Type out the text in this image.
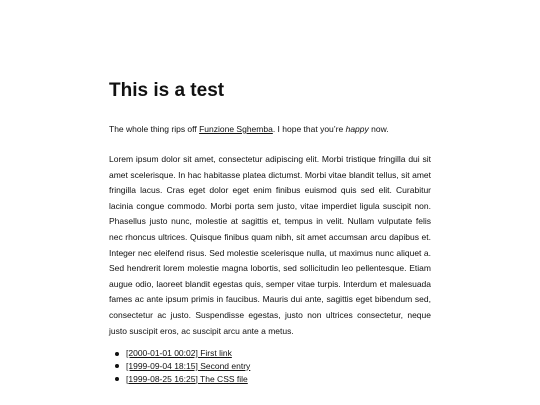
This is a test

The whole thing rips off Funzione Sghemba. I hope that you’re happy now.

Lorem ipsum dolor sit amet, consectetur adipiscing elit. Morbi tristique fringilla dui sit amet scelerisque. In hac habitasse platea dictumst. Morbi vitae blandit tellus, sit amet fringilla lacus. Cras eget dolor eget enim finibus euismod quis sed elit. Curabitur lacinia congue commodo. Morbi porta sem justo, vitae imperdiet ligula suscipit non. Phasellus justo nunc, molestie at sagittis et, tempus in velit. Nullam vulputate felis nec rhoncus ultrices. Quisque finibus quam nibh, sit amet accumsan arcu dapibus et. Integer nec eleifend risus. Sed molestie scelerisque nulla, ut maximus nunc aliquet a. Sed hendrerit lorem molestie magna lobortis, sed sollicitudin leo pellentesque. Etiam augue odio, laoreet blandit egestas quis, semper vitae turpis. Interdum et malesuada fames ac ante ipsum primis in faucibus. Mauris dui ante, sagittis eget bibendum sed, consectetur ac justo. Suspendisse egestas, justo non ultrices consectetur, neque justo suscipit eros, ac suscipit arcu ante a metus.

[2000-01-01 00:02] First link
[1999-09-04 18:15] Second entry
[1999-08-25 16:25] The CSS file
